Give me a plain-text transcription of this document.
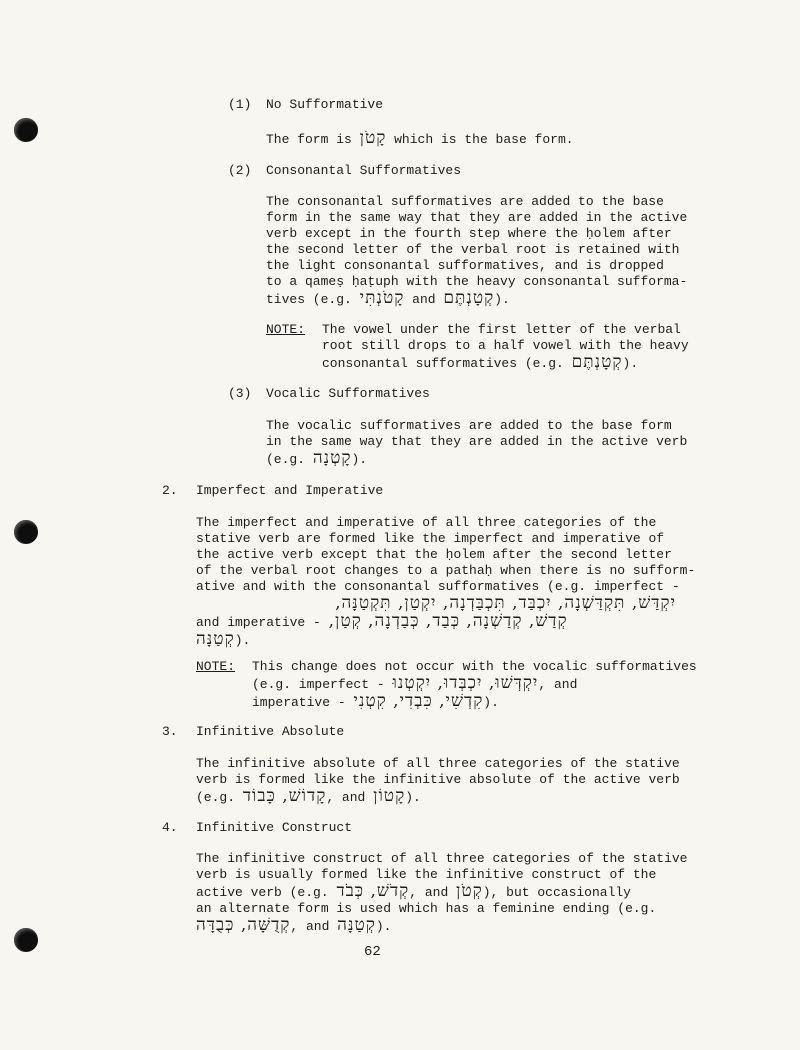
(1) No Sufformative
The form is קָטֹן which is the base form.
(2) Consonantal Sufformatives
The consonantal sufformatives are added to the base
form in the same way that they are added in the active
verb except in the fourth step where the ḥolem after
the second letter of the verbal root is retained with
the light consonantal sufformatives, and is dropped
to a qameṣ ḥaṭuph with the heavy consonantal sufforma-
tives (e.g. קָטֹנְתִּי and קְטָנְתֶּם).
NOTE: The vowel under the first letter of the verbal
root still drops to a half vowel with the heavy
consonantal sufformatives (e.g. קְטָנְתֶּם).
(3) Vocalic Sufformatives
The vocalic sufformatives are added to the base form
in the same way that they are added in the active verb
(e.g. קָטְנָה).
2. Imperfect and Imperative
The imperfect and imperative of all three categories of the
stative verb are formed like the imperfect and imperative of
the active verb except that the ḥolem after the second letter
of the verbal root changes to a pathaḥ when there is no sufform-
ative and with the consonantal sufformatives (e.g. imperfect -
יִקְדַּשׁ, תִּקְדַּשְׁנָה, יִכְבַּד, תִּכְבַּדְנָה, יִקְטַן, תִּקְטַנָּה,
and imperative - קְדַשׁ, קְדַשְׁנָה, כְּבַד, כְּבַדְנָה, קְטַן,
קְטַנָּה).
NOTE: This change does not occur with the vocalic sufformatives
(e.g. imperfect - יִקְדְּשׁוּ, יִכְבְּדוּ, יִקְטְנוּ, and
imperative - קִדְשִׁי, כִּבְדִי, קִטְנִי).
3. Infinitive Absolute
The infinitive absolute of all three categories of the stative
verb is formed like the infinitive absolute of the active verb
(e.g. קָדוֹשׁ, כָּבוֹד, and קָטוֹן).
4. Infinitive Construct
The infinitive construct of all three categories of the stative
verb is usually formed like the infinitive construct of the
active verb (e.g. קְדֹשׁ, כְּבֹד, and קְטֹן), but occasionally
an alternate form is used which has a feminine ending (e.g.
קְדֻשָּׁה, כְּבֻדָּה, and קְטַנָּה).
62
